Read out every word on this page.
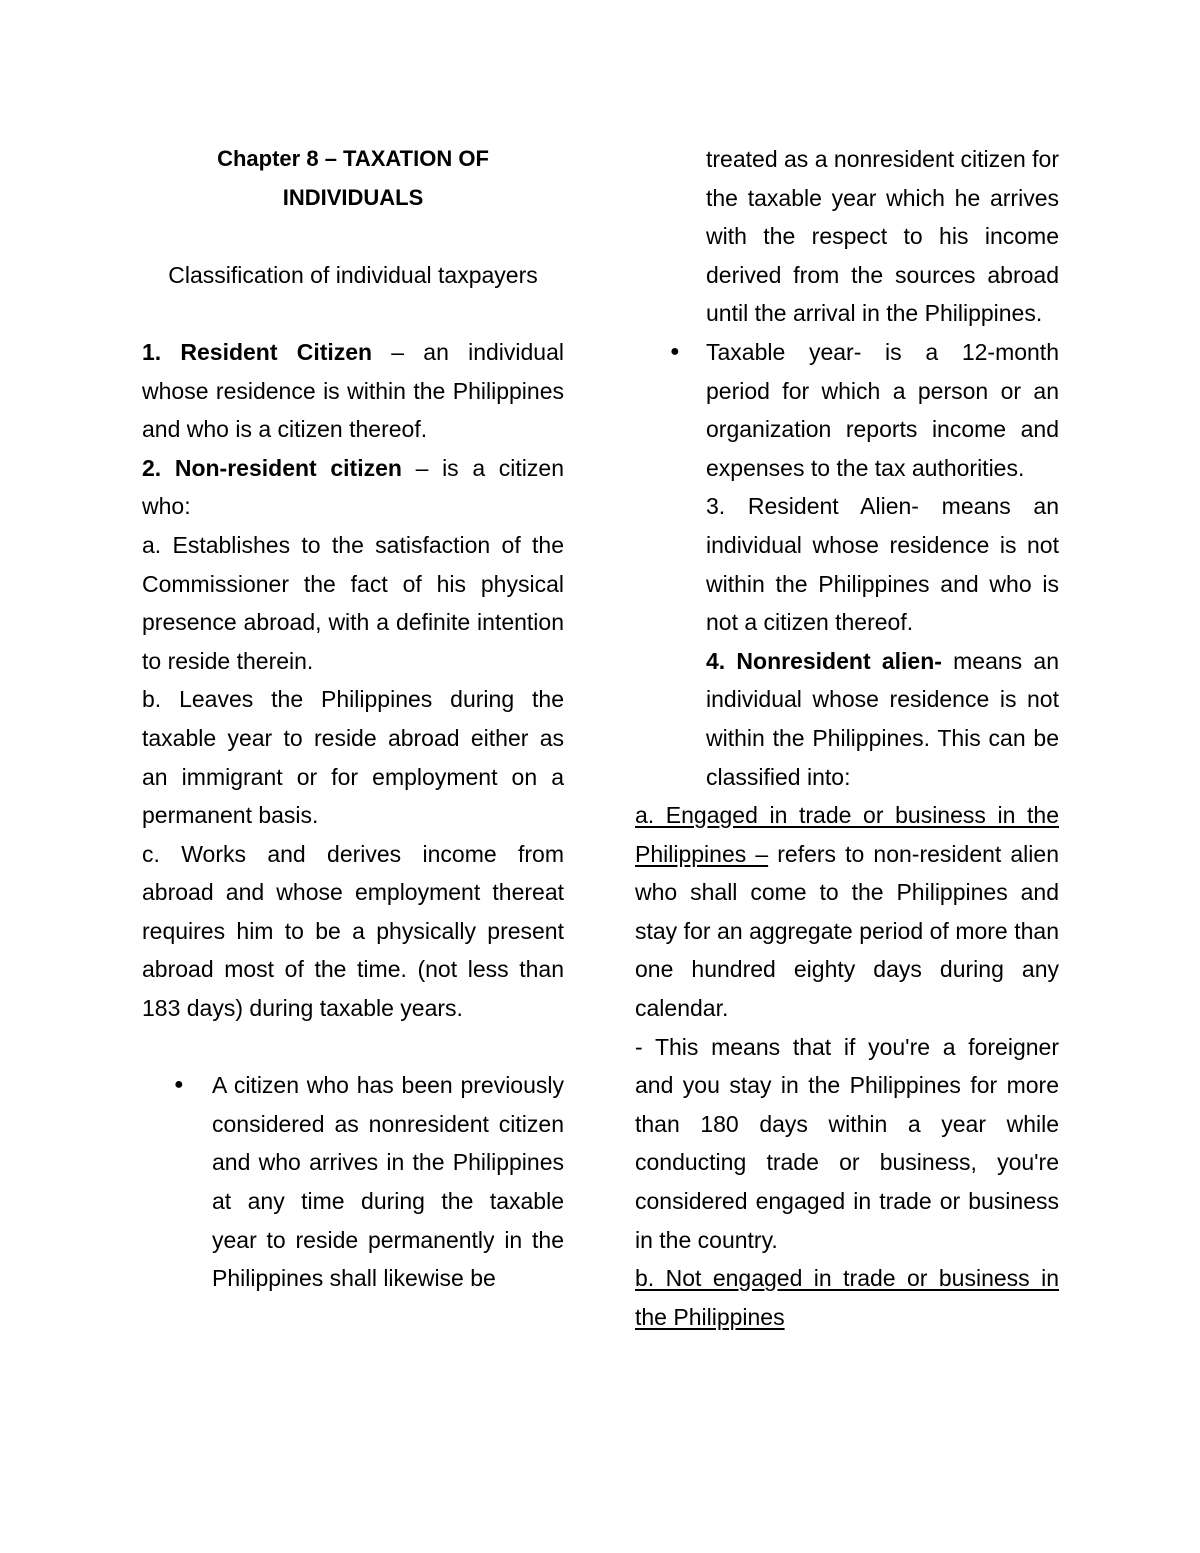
Chapter 8 – TAXATION OF

INDIVIDUALS

Classification of individual taxpayers

1. Resident Citizen – an individual whose residence is within the Philippines and who is a citizen thereof.

2. Non-resident citizen – is a citizen who:

a. Establishes to the satisfaction of the Commissioner the fact of his physical presence abroad, with a definite intention to reside therein.

b. Leaves the Philippines during the taxable year to reside abroad either as an immigrant or for employment on a permanent basis.

c. Works and derives income from abroad and whose employment thereat requires him to be a physically present abroad most of the time. (not less than 183 days) during taxable years.

● A citizen who has been previously considered as nonresident citizen and who arrives in the Philippines at any time during the taxable year to reside permanently in the Philippines shall likewise be

treated as a nonresident citizen for the taxable year which he arrives with the respect to his income derived from the sources abroad until the arrival in the Philippines.

● Taxable year- is a 12-month period for which a person or an organization reports income and expenses to the tax authorities.

3. Resident Alien- means an individual whose residence is not within the Philippines and who is not a citizen thereof.

4. Nonresident alien- means an individual whose residence is not within the Philippines. This can be classified into:

a. Engaged in trade or business in the Philippines – refers to non-resident alien who shall come to the Philippines and stay for an aggregate period of more than one hundred eighty days during any calendar.

- This means that if you're a foreigner and you stay in the Philippines for more than 180 days within a year while conducting trade or business, you're considered engaged in trade or business in the country.

b. Not engaged in trade or business in the Philippines
